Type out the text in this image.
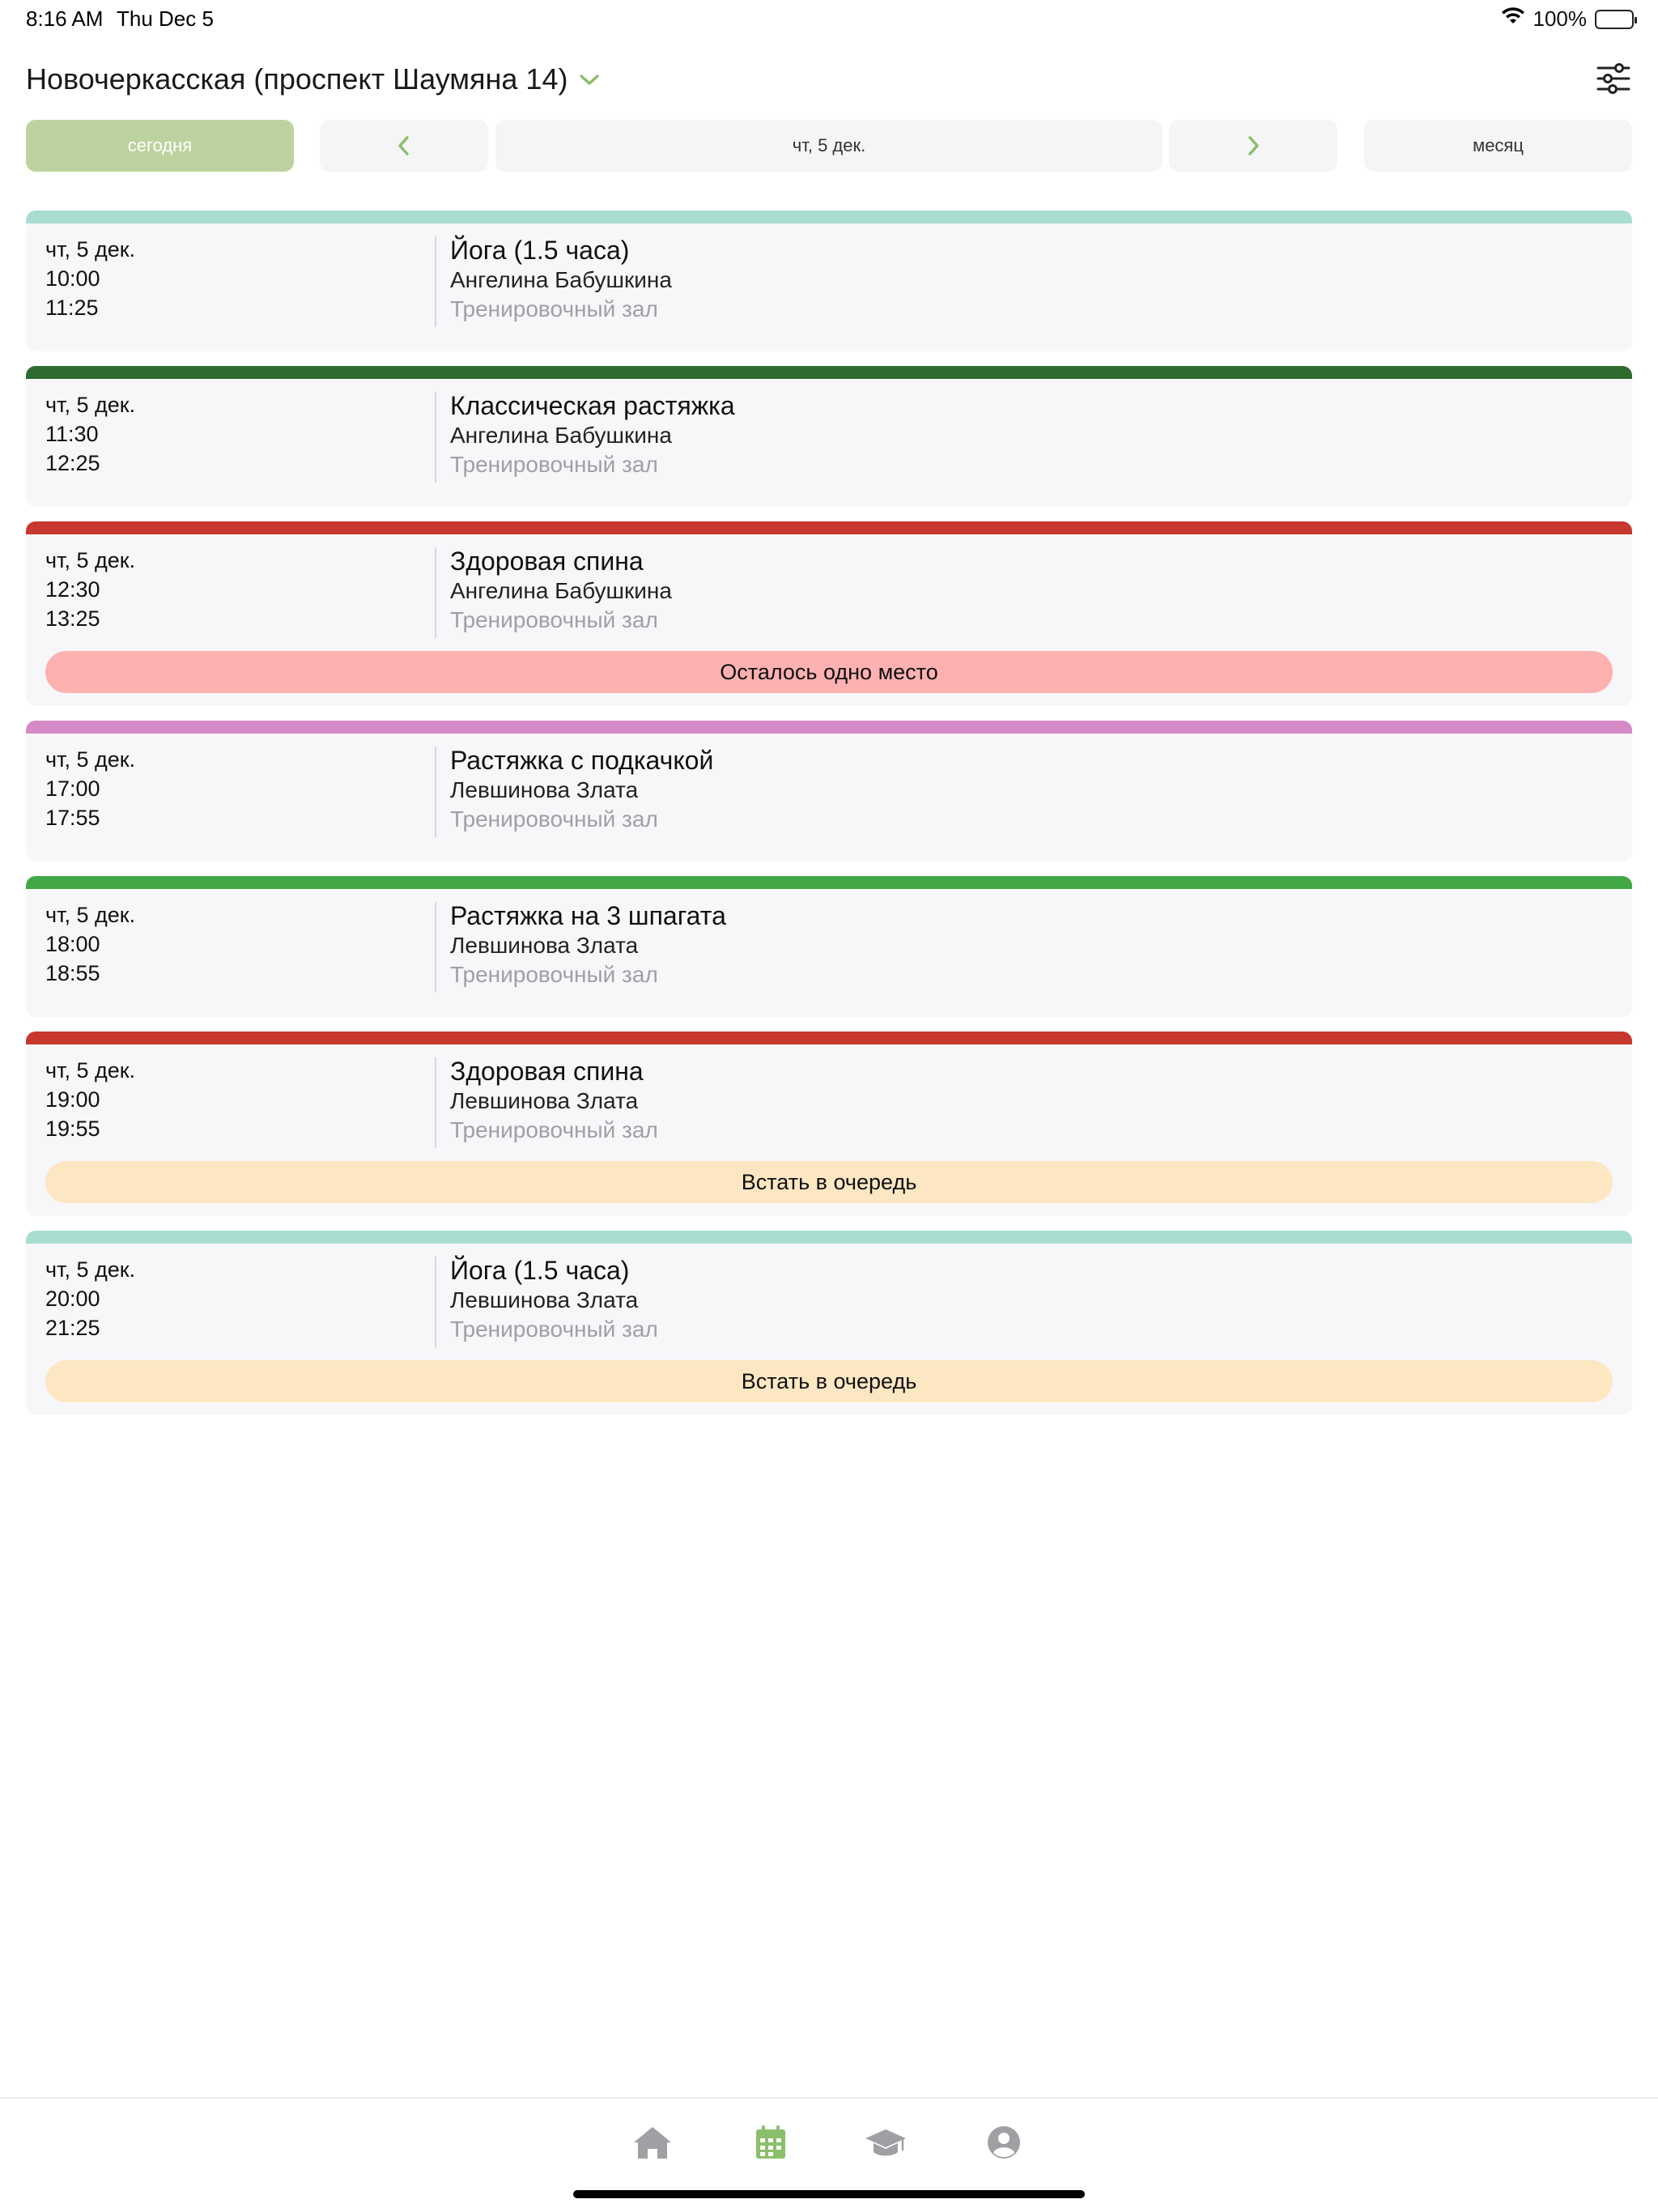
8:16 AM Thu Dec 5	100%
Новочеркасская (проспект Шаумяна 14)
сегодня	чт, 5 дек.	месяц
чт, 5 дек.
10:00
11:25
Йога (1.5 часа)
Ангелина Бабушкина
Тренировочный зал
чт, 5 дек.
11:30
12:25
Классическая растяжка
Ангелина Бабушкина
Тренировочный зал
чт, 5 дек.
12:30
13:25
Здоровая спина
Ангелина Бабушкина
Тренировочный зал
Осталось одно место
чт, 5 дек.
17:00
17:55
Растяжка с подкачкой
Левшинова Злата
Тренировочный зал
чт, 5 дек.
18:00
18:55
Растяжка на 3 шпагата
Левшинова Злата
Тренировочный зал
чт, 5 дек.
19:00
19:55
Здоровая спина
Левшинова Злата
Тренировочный зал
Встать в очередь
чт, 5 дек.
20:00
21:25
Йога (1.5 часа)
Левшинова Злата
Тренировочный зал
Встать в очередь
